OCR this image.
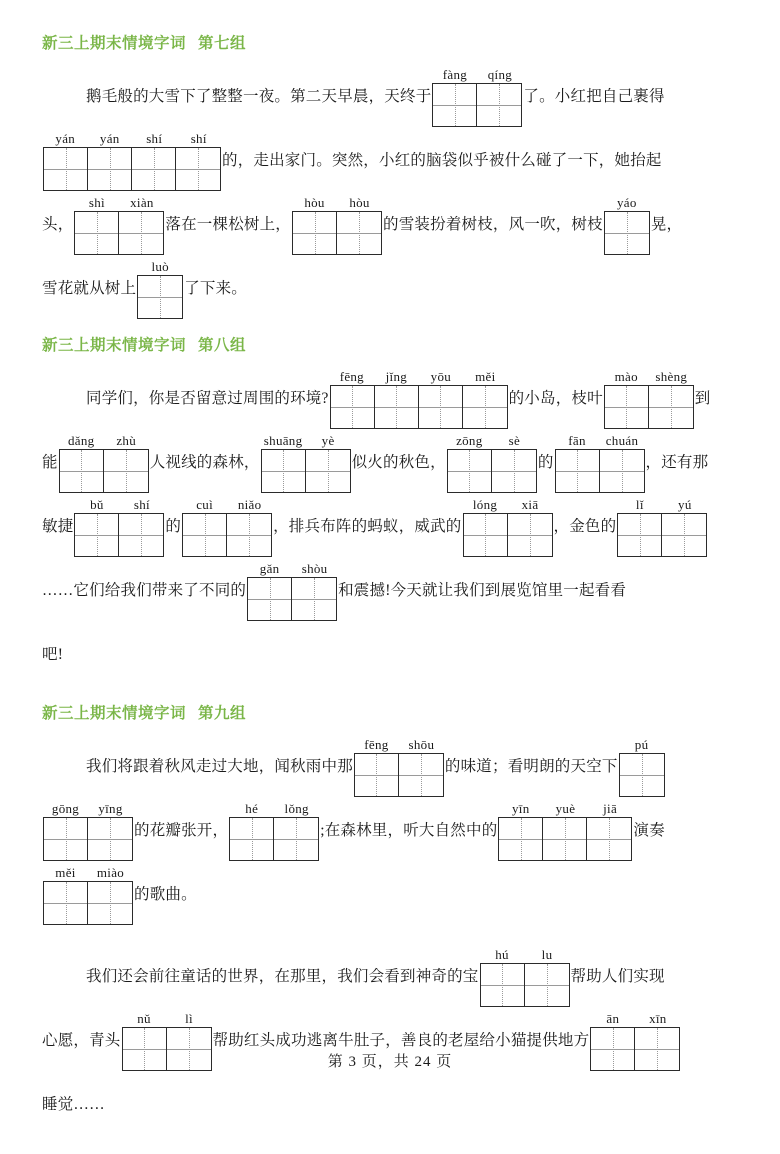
新三上期末情境字词 第七组
鹅毛般的大雪下了整整一夜。第二天早晨，天终于
fàng	qíng
了。小红把自己裹得
yán	yán	shí	shí
的，走出家门。突然，小红的脑袋似乎被什么碰了一下，她抬起
头，
shì	xiàn
落在一棵松树上，
hòu	hòu
的雪装扮着树枝，风一吹，树枝
yáo
晃，
雪花就从树上
luò
了下来。
新三上期末情境字词 第八组
同学们，你是否留意过周围的环境?
fēng	jǐng	yōu	měi
的小岛，枝叶
mào	shèng
到
能
dǎng	zhù
人视线的森林，
shuāng	yè
似火的秋色，
zōng	sè
的
fān	chuán
，还有那
敏捷
bǔ	shí
的
cuì	niǎo
，排兵布阵的蚂蚁，威武的
lóng	xiā
，金色的
lǐ	yú
……它们给我们带来了不同的
gǎn	shòu
和震撼!今天就让我们到展览馆里一起看看
吧!
新三上期末情境字词 第九组
我们将跟着秋风走过大地，闻秋雨中那
fēng	shōu
的味道；看明朗的天空下
pú
gōng	yīng
的花瓣张开，
hé	lǒng
;在森林里，听大自然中的
yīn	yuè	jiā
演奏
měi	miào
的歌曲。
我们还会前往童话的世界，在那里，我们会看到神奇的宝
hú	lu
帮助人们实现
心愿，青头
nǔ	lì
帮助红头成功逃离牛肚子，善良的老屋给小猫提供地方
ān	xīn
睡觉……
第 3 页，共 24 页
